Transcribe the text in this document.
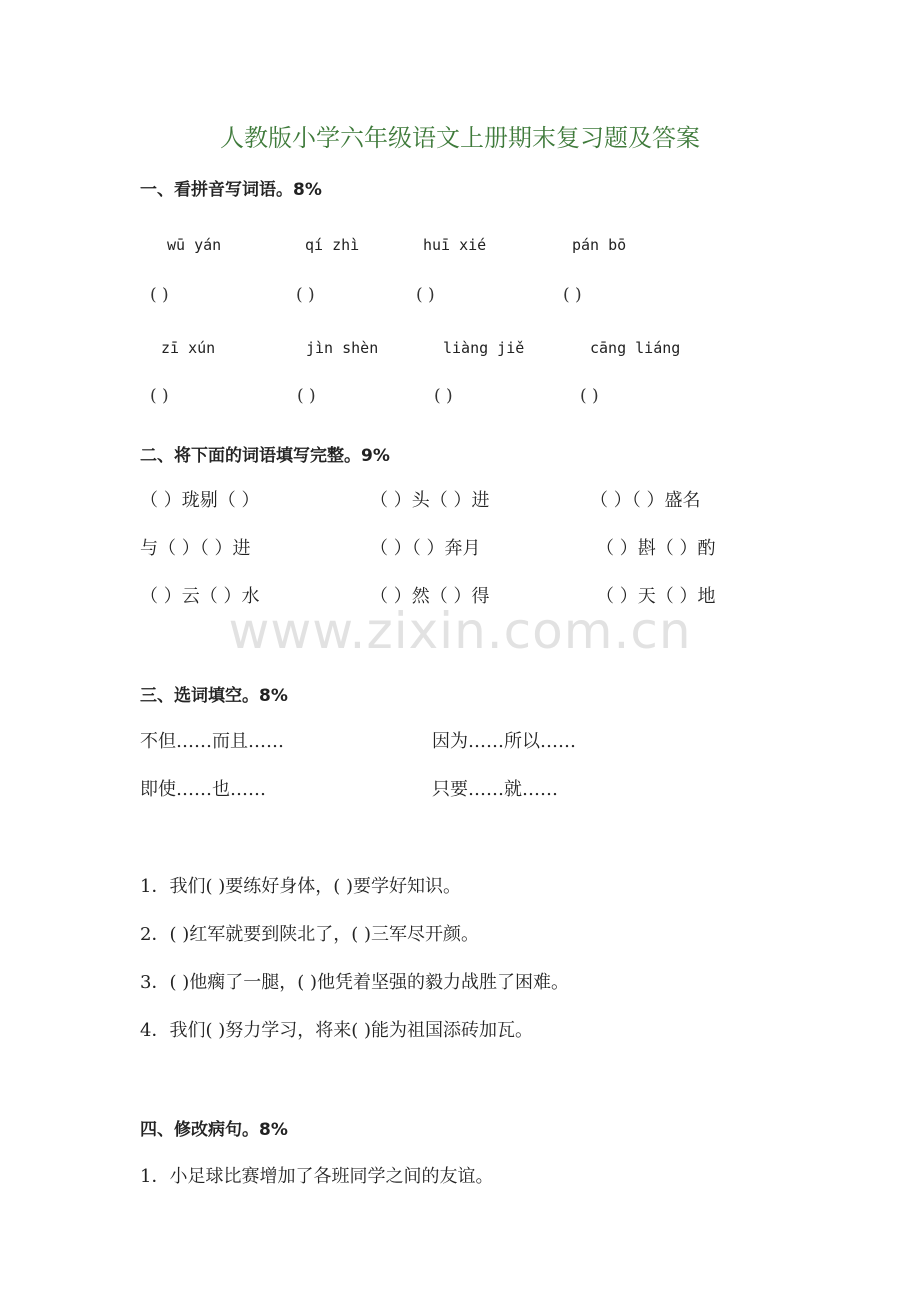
人教版小学六年级语文上册期末复习题及答案
一、看拼音写词语。8%
wū yán	qí zhì	huī xié	pán bō
( )	( )	( )	( )
zī xún	jìn shèn	liàng jiě	cāng liáng
( )	( )	( )	( )
二、将下面的词语填写完整。9%
（ ）珑剔（ ）	（ ）头（ ）进	（ ）（ ）盛名
与（ ）（ ）进	（ ）（ ）奔月	（ ）斟（ ）酌
（ ）云（ ）水	（ ）然（ ）得	（ ）天（ ）地
www.zixin.com.cn
三、选词填空。8%
不但……而且……	因为……所以……
即使……也……	只要……就……
1．我们( )要练好身体，( )要学好知识。
2．( )红军就要到陕北了，( )三军尽开颜。
3．( )他瘸了一腿，( )他凭着坚强的毅力战胜了困难。
4．我们( )努力学习，将来( )能为祖国添砖加瓦。
四、修改病句。8%
1．小足球比赛增加了各班同学之间的友谊。
